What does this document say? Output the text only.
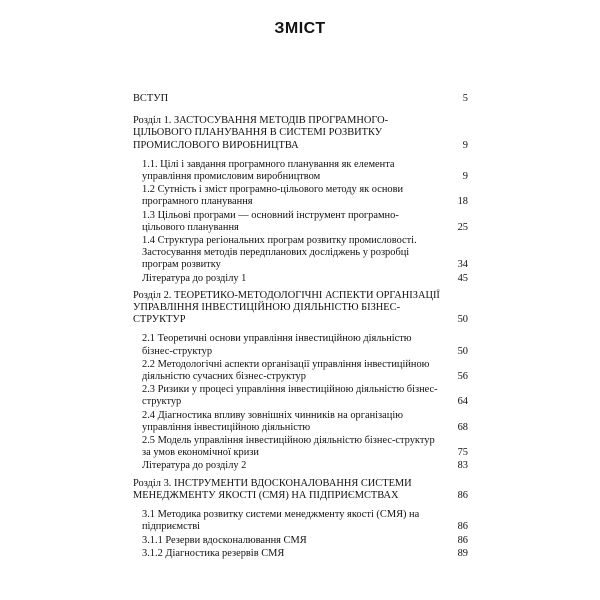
ЗМІСТ
ВСТУП	5
Розділ 1. ЗАСТОСУВАННЯ МЕТОДІВ ПРОГРАМНОГО-ЦІЛЬОВОГО ПЛАНУВАННЯ В СИСТЕМІ РОЗВИТКУ ПРОМИСЛОВОГО ВИРОБНИЦТВА	9
1.1. Цілі і завдання програмного планування як елемента управління промисловим виробництвом	9
1.2 Сутність і зміст програмно-цільового методу як основи програмного планування	18
1.3 Цільові програми — основний інструмент програмно-цільового планування	25
1.4 Структура регіональних програм розвитку промисловості. Застосування методів передпланових досліджень у розробці програм розвитку	34
Література до розділу 1	45
Розділ 2. ТЕОРЕТИКО-МЕТОДОЛОГІЧНІ АСПЕКТИ ОРГАНІЗАЦІЇ УПРАВЛІННЯ ІНВЕСТИЦІЙНОЮ ДІЯЛЬНІСТЮ БІЗНЕС-СТРУКТУР	50
2.1 Теоретичні основи управління інвестиційною діяльністю бізнес-структур	50
2.2 Методологічні аспекти організації управління інвестиційною діяльністю сучасних бізнес-структур	56
2.3 Ризики у процесі управління інвестиційною діяльністю бізнес-структур	64
2.4 Діагностика впливу зовнішніх чинників на організацію управління інвестиційною діяльністю	68
2.5 Модель управління інвестиційною діяльністю бізнес-структур за умов економічної кризи	75
Література до розділу 2	83
Розділ 3. ІНСТРУМЕНТИ ВДОСКОНАЛОВАННЯ СИСТЕМИ МЕНЕДЖМЕНТУ ЯКОСТІ (СМЯ) НА ПІДПРИЄМСТВАХ	86
3.1 Методика розвитку системи менеджменту якості (СМЯ) на підприємстві	86
3.1.1 Резерви вдосконалювання СМЯ	86
3.1.2 Діагностика резервів СМЯ	89
